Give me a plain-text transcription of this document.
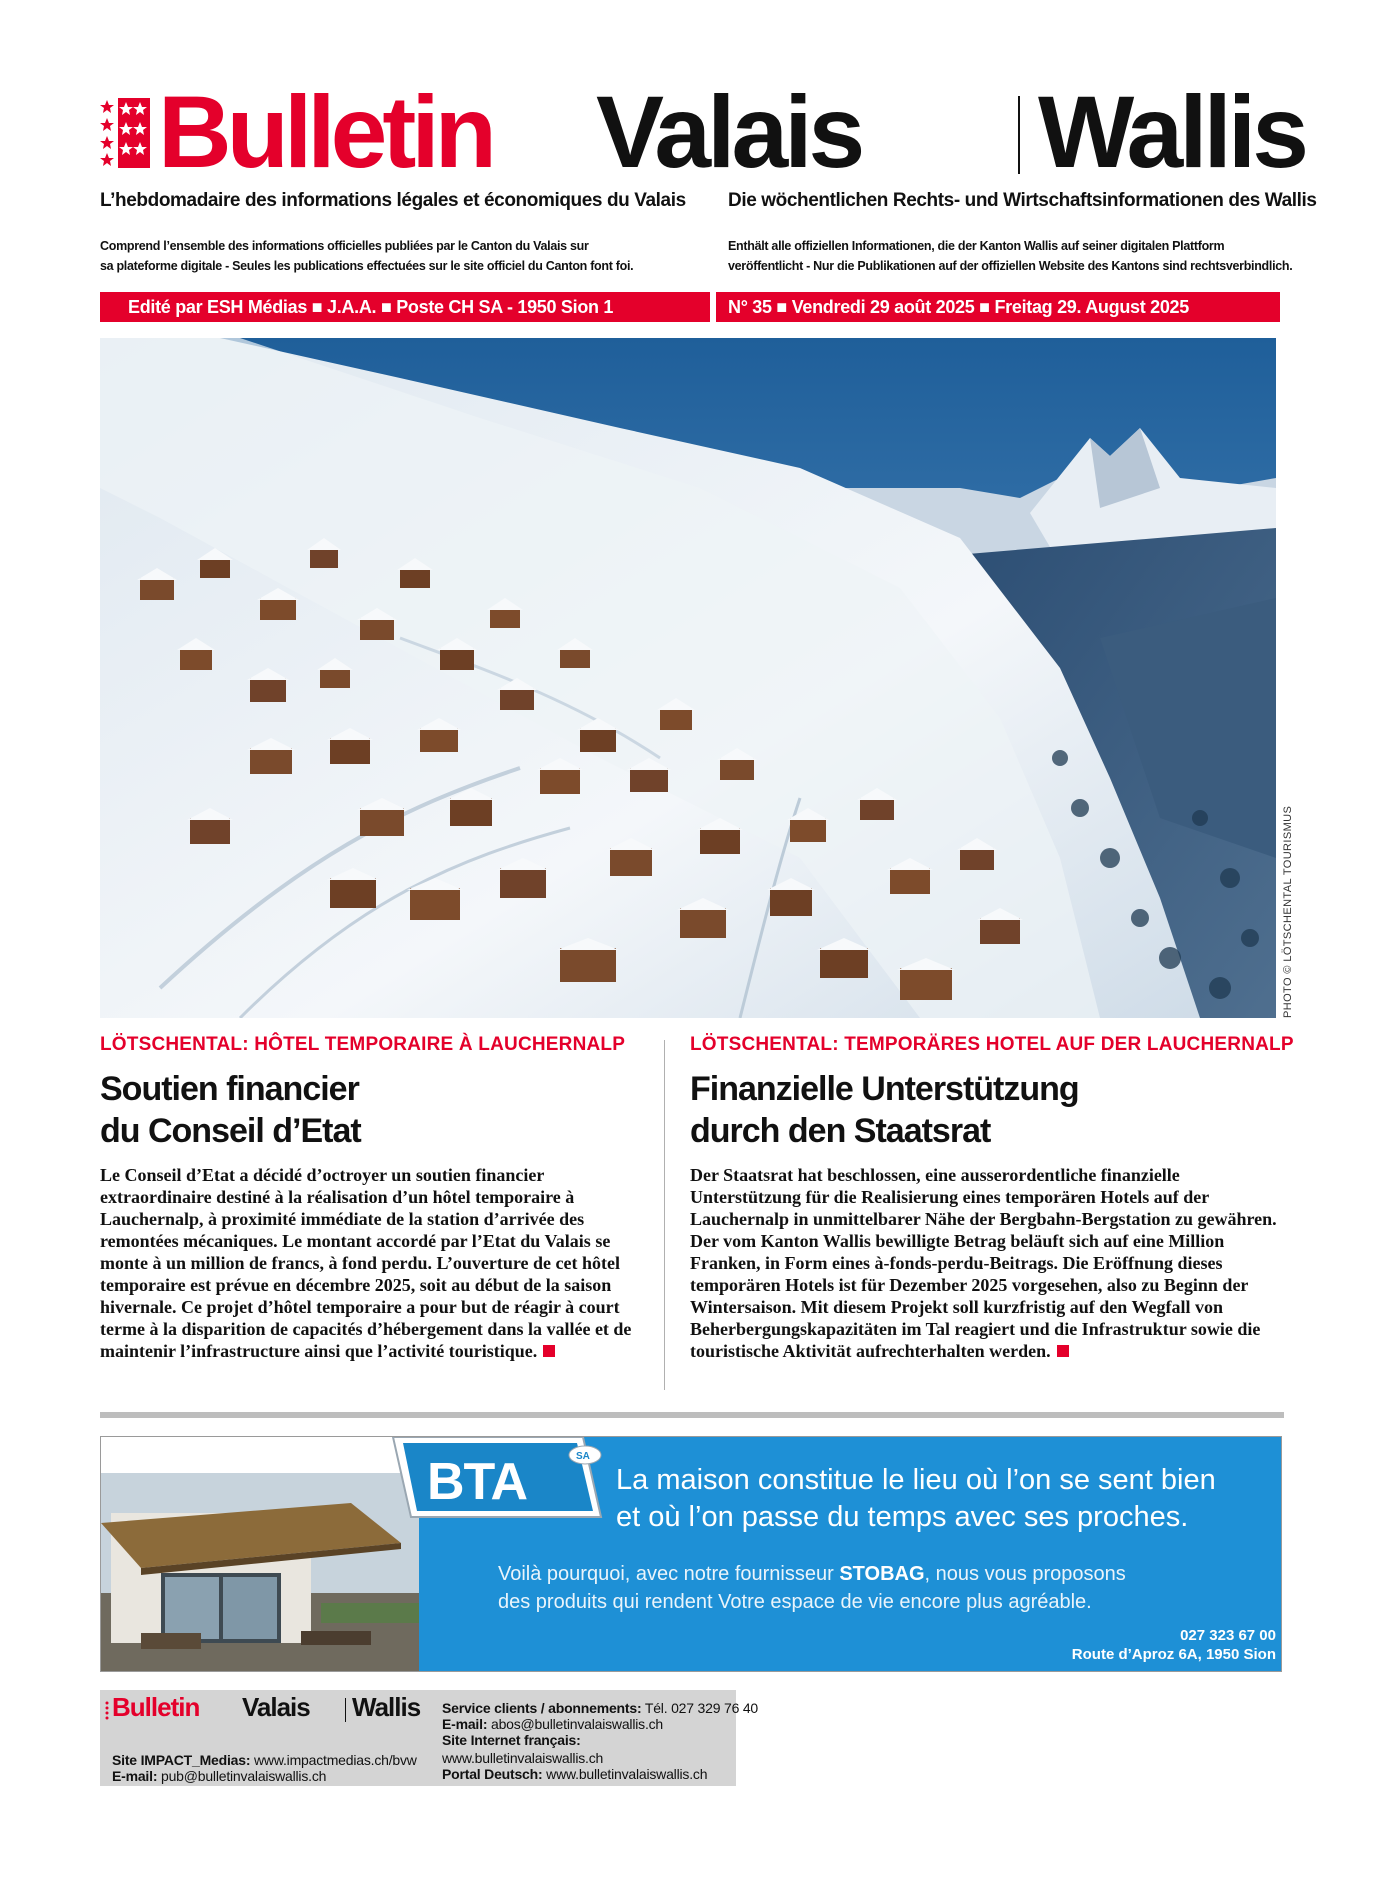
Bulletin Valais Wallis
L’hebdomadaire des informations légales et économiques du Valais Die wöchentlichen Rechts- und Wirtschaftsinformationen des Wallis
Comprend l’ensemble des informations officielles publiées par le Canton du Valais sur
sa plateforme digitale - Seules les publications effectuées sur le site officiel du Canton font foi.
Enthält alle offiziellen Informationen, die der Kanton Wallis auf seiner digitalen Plattform
veröffentlicht - Nur die Publikationen auf der offiziellen Website des Kantons sind rechtsverbindlich.
Edité par ESH Médias ■ J.A.A. ■ Poste CH SA - 1950 Sion 1	N° 35 ■ Vendredi 29 août 2025 ■ Freitag 29. August 2025
PHOTO © LÖTSCHENTAL TOURISMUS
LÖTSCHENTAL: HÔTEL TEMPORAIRE À LAUCHERNALP
Soutien financier
du Conseil d’Etat
Le Conseil d’Etat a décidé d’octroyer un soutien financier extraordinaire destiné à la réalisation d’un hôtel temporaire à Lauchernalp, à proximité immédiate de la station d’arrivée des remontées mécaniques. Le montant accordé par l’Etat du Valais se monte à un million de francs, à fond perdu. L’ouverture de cet hôtel temporaire est prévue en décembre 2025, soit au début de la saison hivernale. Ce projet d’hôtel temporaire a pour but de réagir à court terme à la disparition de capacités d’hébergement dans la vallée et de maintenir l’infrastructure ainsi que l’activité touristique.
LÖTSCHENTAL: TEMPORÄRES HOTEL AUF DER LAUCHERNALP
Finanzielle Unterstützung
durch den Staatsrat
Der Staatsrat hat beschlossen, eine ausserordentliche finanzielle Unterstützung für die Realisierung eines temporären Hotels auf der Lauchernalp in unmittelbarer Nähe der Bergbahn-Bergstation zu gewähren. Der vom Kanton Wallis bewilligte Betrag beläuft sich auf eine Million Franken, in Form eines à-fonds-perdu-Beitrags. Die Eröffnung dieses temporären Hotels ist für Dezember 2025 vorgesehen, also zu Beginn der Wintersaison. Mit diesem Projekt soll kurzfristig auf den Wegfall von Beherbergungskapazitäten im Tal reagiert und die Infrastruktur sowie die touristische Aktivität aufrechterhalten werden.
BTA	SA
La maison constitue le lieu où l’on se sent bien
et où l’on passe du temps avec ses proches.
Voilà pourquoi, avec notre fournisseur STOBAG, nous vous proposons
des produits qui rendent Votre espace de vie encore plus agréable.
027 323 67 00
Route d’Aproz 6A, 1950 Sion
Bulletin Valais Wallis
Site IMPACT_Medias: www.impactmedias.ch/bvw
E-mail: pub@bulletinvalaiswallis.ch
Service clients / abonnements: Tél. 027 329 76 40
E-mail: abos@bulletinvalaiswallis.ch
Site Internet français:
www.bulletinvalaiswallis.ch
Portal Deutsch: www.bulletinvalaiswallis.ch
